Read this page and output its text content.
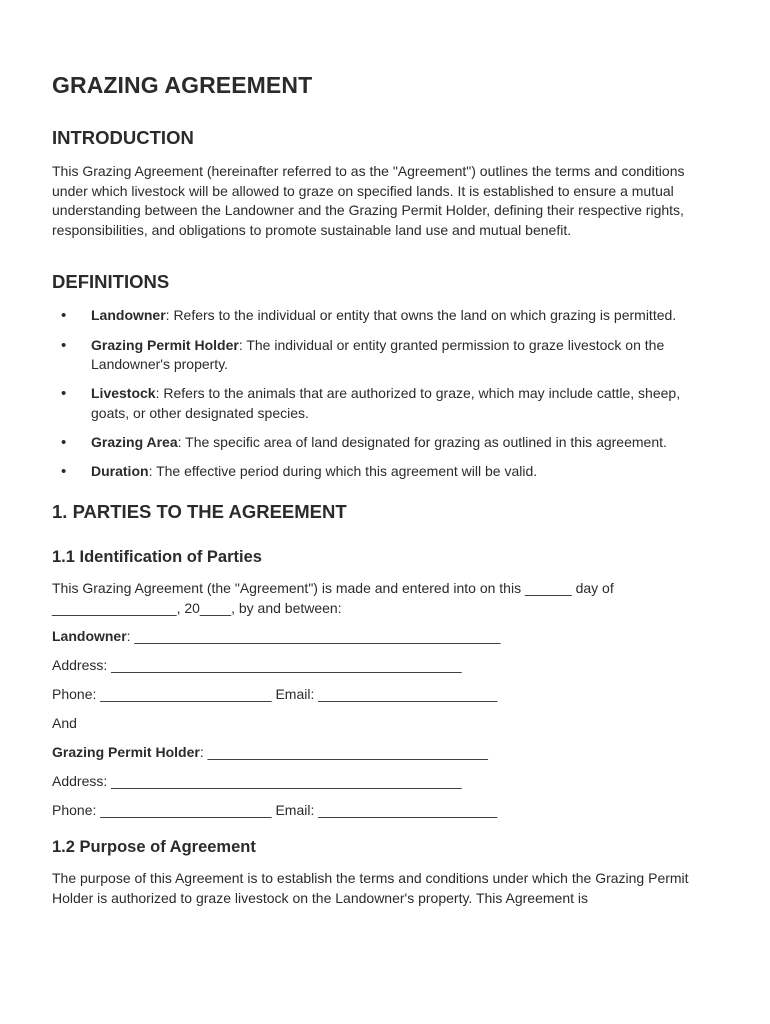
GRAZING AGREEMENT
INTRODUCTION

This Grazing Agreement (hereinafter referred to as the "Agreement") outlines the terms and conditions under which livestock will be allowed to graze on specified lands. It is established to ensure a mutual understanding between the Landowner and the Grazing Permit Holder, defining their respective rights, responsibilities, and obligations to promote sustainable land use and mutual benefit.

DEFINITIONS
• Landowner: Refers to the individual or entity that owns the land on which grazing is permitted.
• Grazing Permit Holder: The individual or entity granted permission to graze livestock on the Landowner's property.
• Livestock: Refers to the animals that are authorized to graze, which may include cattle, sheep, goats, or other designated species.
• Grazing Area: The specific area of land designated for grazing as outlined in this agreement.
• Duration: The effective period during which this agreement will be valid.
1. PARTIES TO THE AGREEMENT
1.1 Identification of Parties

This Grazing Agreement (the "Agreement") is made and entered into on this ______ day of ________________, 20____, by and between:

Landowner: _______________________________________________
Address: _____________________________________________
Phone: ______________________ Email: _______________________
And
Grazing Permit Holder: ____________________________________
Address: _____________________________________________
Phone: ______________________ Email: _______________________
1.2 Purpose of Agreement

The purpose of this Agreement is to establish the terms and conditions under which the Grazing Permit Holder is authorized to graze livestock on the Landowner's property. This Agreement is
